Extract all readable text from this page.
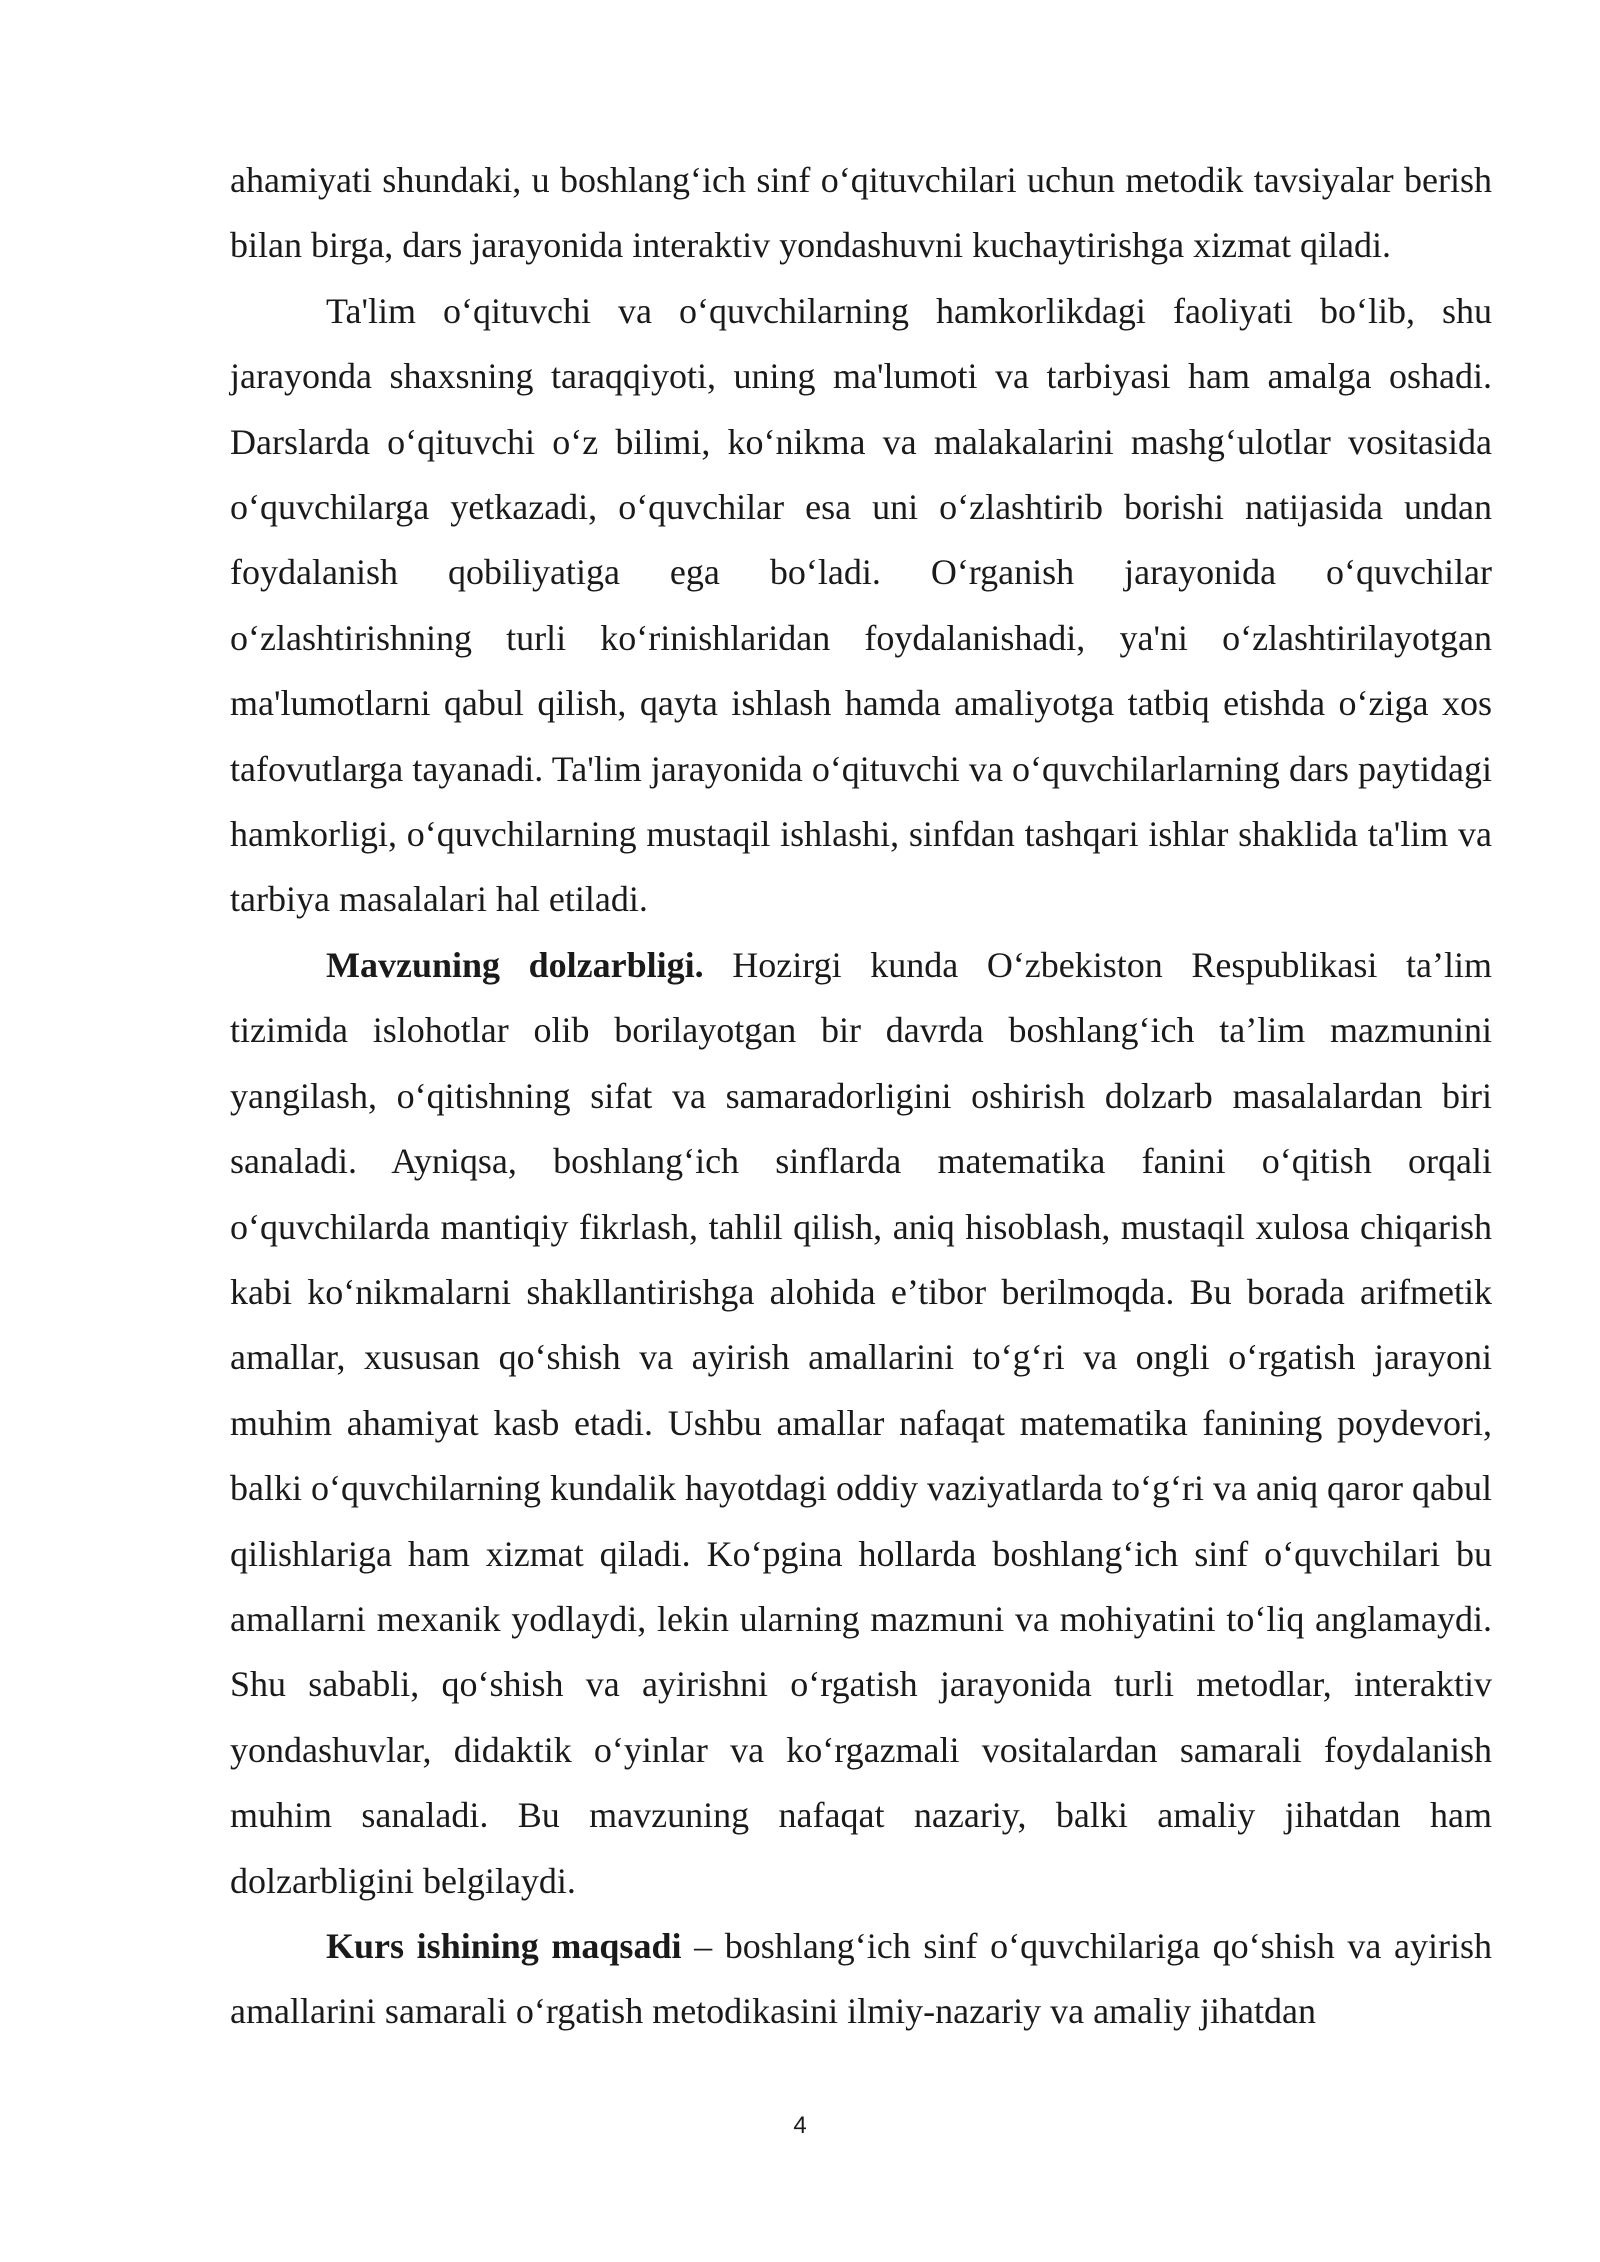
ahamiyati shundaki, u boshlang‘ich sinf o‘qituvchilari uchun metodik tavsiyalar berish bilan birga, dars jarayonida interaktiv yondashuvni kuchaytirishga xizmat qiladi.

Ta'lim o‘qituvchi va o‘quvchilarning hamkorlikdagi faoliyati bo‘lib, shu jarayonda shaxsning taraqqiyoti, uning ma'lumoti va tarbiyasi ham amalga oshadi. Darslarda o‘qituvchi o‘z bilimi, ko‘nikma va malakalarini mashg‘ulotlar vositasida o‘quvchilarga yetkazadi, o‘quvchilar esa uni o‘zlashtirib borishi natijasida undan foydalanish qobiliyatiga ega bo‘ladi. O‘rganish jarayonida o‘quvchilar o‘zlashtirishning turli ko‘rinishlaridan foydalanishadi, ya'ni o‘zlashtirilayotgan ma'lumotlarni qabul qilish, qayta ishlash hamda amaliyotga tatbiq etishda o‘ziga xos tafovutlarga tayanadi. Ta'lim jarayonida o‘qituvchi va o‘quvchilarlarning dars paytidagi hamkorligi, o‘quvchilarning mustaqil ishlashi, sinfdan tashqari ishlar shaklida ta'lim va tarbiya masalalari hal etiladi.

Mavzuning dolzarbligi. Hozirgi kunda O‘zbekiston Respublikasi ta’lim tizimida islohotlar olib borilayotgan bir davrda boshlang‘ich ta’lim mazmunini yangilash, o‘qitishning sifat va samaradorligini oshirish dolzarb masalalardan biri sanaladi. Ayniqsa, boshlang‘ich sinflarda matematika fanini o‘qitish orqali o‘quvchilarda mantiqiy fikrlash, tahlil qilish, aniq hisoblash, mustaqil xulosa chiqarish kabi ko‘nikmalarni shakllantirishga alohida e’tibor berilmoqda. Bu borada arifmetik amallar, xususan qo‘shish va ayirish amallarini to‘g‘ri va ongli o‘rgatish jarayoni muhim ahamiyat kasb etadi. Ushbu amallar nafaqat matematika fanining poydevori, balki o‘quvchilarning kundalik hayotdagi oddiy vaziyatlarda to‘g‘ri va aniq qaror qabul qilishlariga ham xizmat qiladi. Ko‘pgina hollarda boshlang‘ich sinf o‘quvchilari bu amallarni mexanik yodlaydi, lekin ularning mazmuni va mohiyatini to‘liq anglamaydi. Shu sababli, qo‘shish va ayirishni o‘rgatish jarayonida turli metodlar, interaktiv yondashuvlar, didaktik o‘yinlar va ko‘rgazmali vositalardan samarali foydalanish muhim sanaladi. Bu mavzuning nafaqat nazariy, balki amaliy jihatdan ham dolzarbligini belgilaydi.

Kurs ishining maqsadi – boshlang‘ich sinf o‘quvchilariga qo‘shish va ayirish amallarini samarali o‘rgatish metodikasini ilmiy-nazariy va amaliy jihatdan

4
